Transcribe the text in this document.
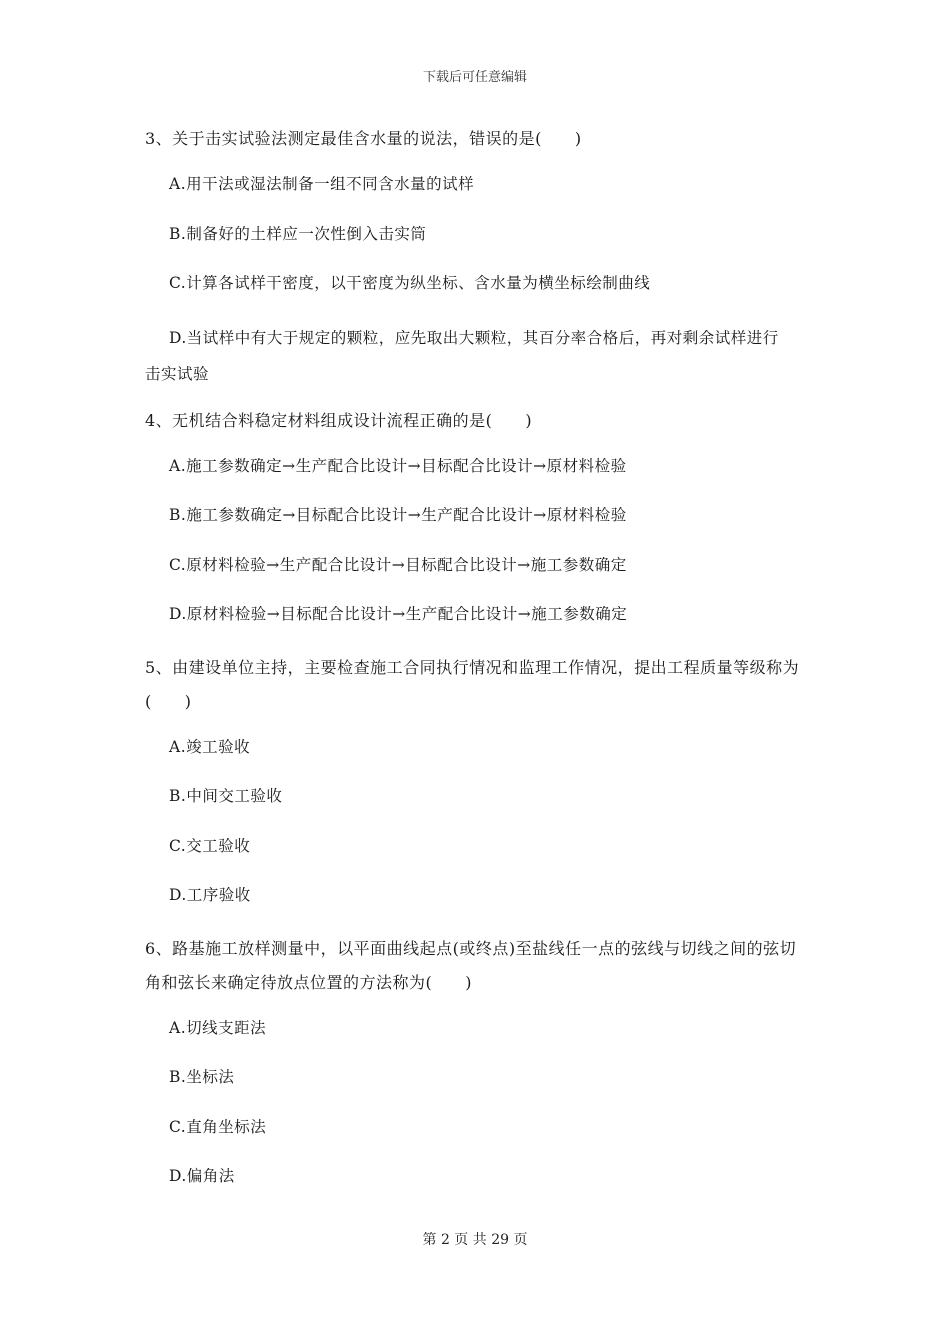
下载后可任意编辑
3、关于击实试验法测定最佳含水量的说法，错误的是(　　)
A.用干法或湿法制备一组不同含水量的试样
B.制备好的土样应一次性倒入击实筒
C.计算各试样干密度，以干密度为纵坐标、含水量为横坐标绘制曲线
D.当试样中有大于规定的颗粒，应先取出大颗粒，其百分率合格后，再对剩余试样进行
击实试验
4、无机结合料稳定材料组成设计流程正确的是(　　)
A.施工参数确定→生产配合比设计→目标配合比设计→原材料检验
B.施工参数确定→目标配合比设计→生产配合比设计→原材料检验
C.原材料检验→生产配合比设计→目标配合比设计→施工参数确定
D.原材料检验→目标配合比设计→生产配合比设计→施工参数确定
5、由建设单位主持，主要检查施工合同执行情况和监理工作情况，提出工程质量等级称为
(　　)
A.竣工验收
B.中间交工验收
C.交工验收
D.工序验收
6、路基施工放样测量中，以平面曲线起点(或终点)至盐线任一点的弦线与切线之间的弦切
角和弦长来确定待放点位置的方法称为(　　)
A.切线支距法
B.坐标法
C.直角坐标法
D.偏角法
第 2 页 共 29 页
